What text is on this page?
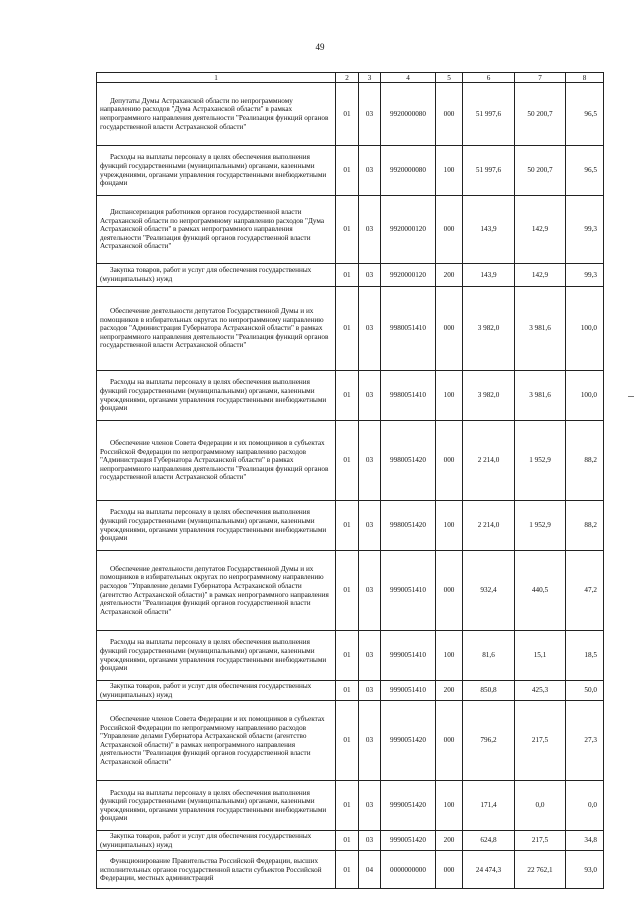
49
1	2	3	4	5	6	7	8
Депутаты Думы Астраханской области по непрограммному направлению расходов "Дума Астраханской области" в рамках непрограммного направления деятельности "Реализация функций органов государственной власти Астраханской области"	01	03	9920000080	000	51 997,6	50 200,7	96,5
Расходы на выплаты персоналу в целях обеспечения выполнения функций государственными (муниципальными) органами, казенными учреждениями, органами управления государственными внебюджетными фондами	01	03	9920000080	100	51 997,6	50 200,7	96,5
Диспансеризация работников органов государственной власти Астраханской области по непрограммному направлению расходов "Дума Астраханской области" в рамках непрограммного направления деятельности "Реализация функций органов государственной власти Астраханской области"	01	03	9920000120	000	143,9	142,9	99,3
Закупка товаров, работ и услуг для обеспечения государственных (муниципальных) нужд	01	03	9920000120	200	143,9	142,9	99,3
Обеспечение деятельности депутатов Государственной Думы и их помощников в избирательных округах по непрограммному направлению расходов "Администрация Губернатора Астраханской области" в рамках непрограммного направления деятельности "Реализация функций органов государственной власти Астраханской области"	01	03	9980051410	000	3 982,0	3 981,6	100,0
Расходы на выплаты персоналу в целях обеспечения выполнения функций государственными (муниципальными) органами, казенными учреждениями, органами управления государственными внебюджетными фондами	01	03	9980051410	100	3 982,0	3 981,6	100,0
Обеспечение членов Совета Федерации и их помощников в субъектах Российской Федерации по непрограммному направлению расходов "Администрация Губернатора Астраханской области" в рамках непрограммного направления деятельности "Реализация функций органов государственной власти Астраханской области"	01	03	9980051420	000	2 214,0	1 952,9	88,2
Расходы на выплаты персоналу в целях обеспечения выполнения функций государственными (муниципальными) органами, казенными учреждениями, органами управления государственными внебюджетными фондами	01	03	9980051420	100	2 214,0	1 952,9	88,2
Обеспечение деятельности депутатов Государственной Думы и их помощников в избирательных округах по непрограммному направлению расходов "Управление делами Губернатора Астраханской области (агентство Астраханской области)" в рамках непрограммного направления деятельности "Реализация функций органов государственной власти Астраханской области"	01	03	9990051410	000	932,4	440,5	47,2
Расходы на выплаты персоналу в целях обеспечения выполнения функций государственными (муниципальными) органами, казенными учреждениями, органами управления государственными внебюджетными фондами	01	03	9990051410	100	81,6	15,1	18,5
Закупка товаров, работ и услуг для обеспечения государственных (муниципальных) нужд	01	03	9990051410	200	850,8	425,3	50,0
Обеспечение членов Совета Федерации и их помощников в субъектах Российской Федерации по непрограммному направлению расходов "Управление делами Губернатора Астраханской области (агентство Астраханской области)" в рамках непрограммного направления деятельности "Реализация функций органов государственной власти Астраханской области"	01	03	9990051420	000	796,2	217,5	27,3
Расходы на выплаты персоналу в целях обеспечения выполнения функций государственными (муниципальными) органами, казенными учреждениями, органами управления государственными внебюджетными фондами	01	03	9990051420	100	171,4	0,0	0,0
Закупка товаров, работ и услуг для обеспечения государственных (муниципальных) нужд	01	03	9990051420	200	624,8	217,5	34,8
Функционирование Правительства Российской Федерации, высших исполнительных органов государственной власти субъектов Российской Федерации, местных администраций	01	04	0000000000	000	24 474,3	22 762,1	93,0
